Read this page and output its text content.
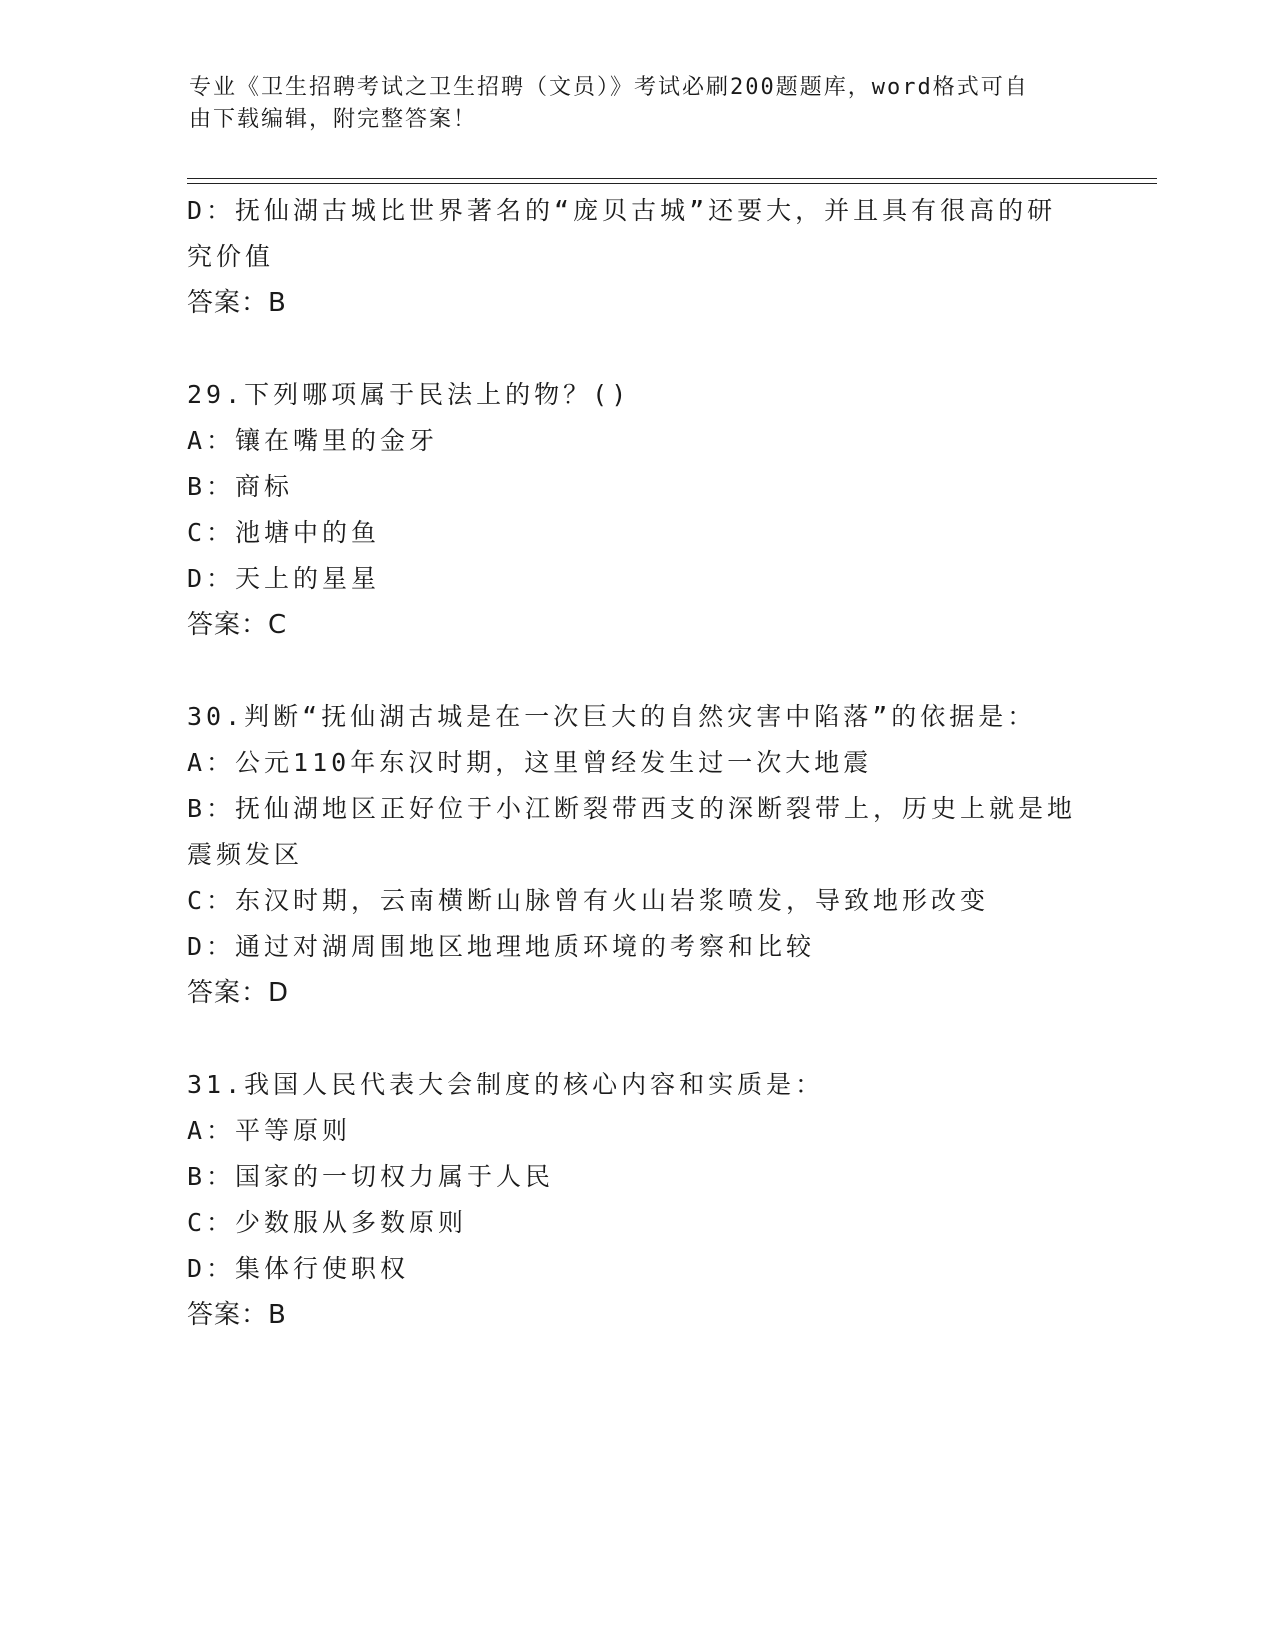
专业《卫生招聘考试之卫生招聘（文员）》考试必刷200题题库，word格式可自
由下载编辑，附完整答案！
D：抚仙湖古城比世界著名的“庞贝古城”还要大，并且具有很高的研
究价值
答案：B
29.下列哪项属于民法上的物？()
A：镶在嘴里的金牙
B：商标
C：池塘中的鱼
D：天上的星星
答案：C
30.判断“抚仙湖古城是在一次巨大的自然灾害中陷落”的依据是：
A：公元110年东汉时期，这里曾经发生过一次大地震
B：抚仙湖地区正好位于小江断裂带西支的深断裂带上，历史上就是地
震频发区
C：东汉时期，云南横断山脉曾有火山岩浆喷发，导致地形改变
D：通过对湖周围地区地理地质环境的考察和比较
答案：D
31.我国人民代表大会制度的核心内容和实质是：
A：平等原则
B：国家的一切权力属于人民
C：少数服从多数原则
D：集体行使职权
答案：B
